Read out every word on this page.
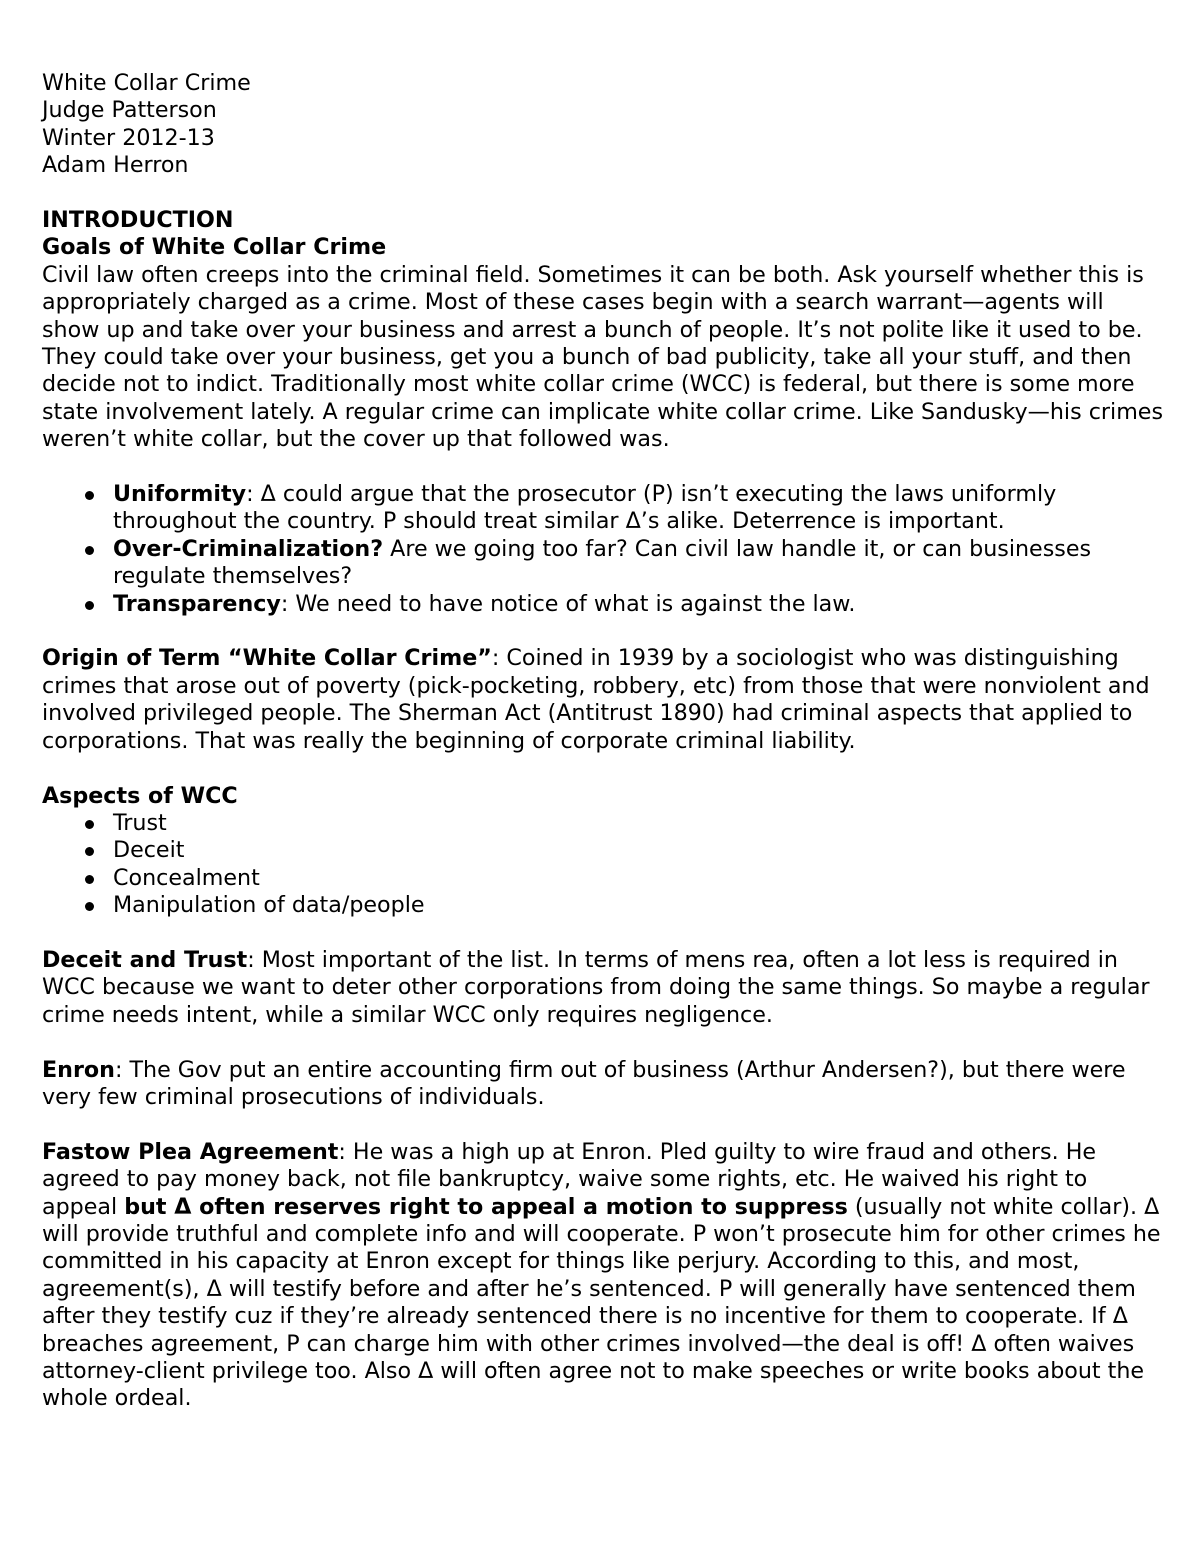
White Collar Crime

Judge Patterson

Winter 2012-13

Adam Herron

INTRODUCTION

Goals of White Collar Crime

Civil law often creeps into the criminal field. Sometimes it can be both. Ask yourself whether this is appropriately charged as a crime. Most of these cases begin with a search warrant—agents will show up and take over your business and arrest a bunch of people. It’s not polite like it used to be. They could take over your business, get you a bunch of bad publicity, take all your stuff, and then decide not to indict. Traditionally most white collar crime (WCC) is federal, but there is some more state involvement lately. A regular crime can implicate white collar crime. Like Sandusky—his crimes weren’t white collar, but the cover up that followed was.

Uniformity: Δ could argue that the prosecutor (P) isn’t executing the laws uniformly throughout the country. P should treat similar Δ’s alike. Deterrence is important.
Over-Criminalization? Are we going too far? Can civil law handle it, or can businesses regulate themselves?
Transparency: We need to have notice of what is against the law.

Origin of Term “White Collar Crime”: Coined in 1939 by a sociologist who was distinguishing crimes that arose out of poverty (pick-pocketing, robbery, etc) from those that were nonviolent and involved privileged people. The Sherman Act (Antitrust 1890) had criminal aspects that applied to corporations. That was really the beginning of corporate criminal liability.

Aspects of WCC

Trust
Deceit
Concealment
Manipulation of data/people

Deceit and Trust: Most important of the list. In terms of mens rea, often a lot less is required in WCC because we want to deter other corporations from doing the same things. So maybe a regular crime needs intent, while a similar WCC only requires negligence.

Enron: The Gov put an entire accounting firm out of business (Arthur Andersen?), but there were very few criminal prosecutions of individuals.

Fastow Plea Agreement: He was a high up at Enron. Pled guilty to wire fraud and others. He agreed to pay money back, not file bankruptcy, waive some rights, etc. He waived his right to appeal but Δ often reserves right to appeal a motion to suppress (usually not white collar). Δ will provide truthful and complete info and will cooperate. P won’t prosecute him for other crimes he committed in his capacity at Enron except for things like perjury. According to this, and most, agreement(s), Δ will testify before and after he’s sentenced. P will generally have sentenced them after they testify cuz if they’re already sentenced there is no incentive for them to cooperate. If Δ breaches agreement, P can charge him with other crimes involved—the deal is off! Δ often waives attorney-client privilege too. Also Δ will often agree not to make speeches or write books about the whole ordeal.
